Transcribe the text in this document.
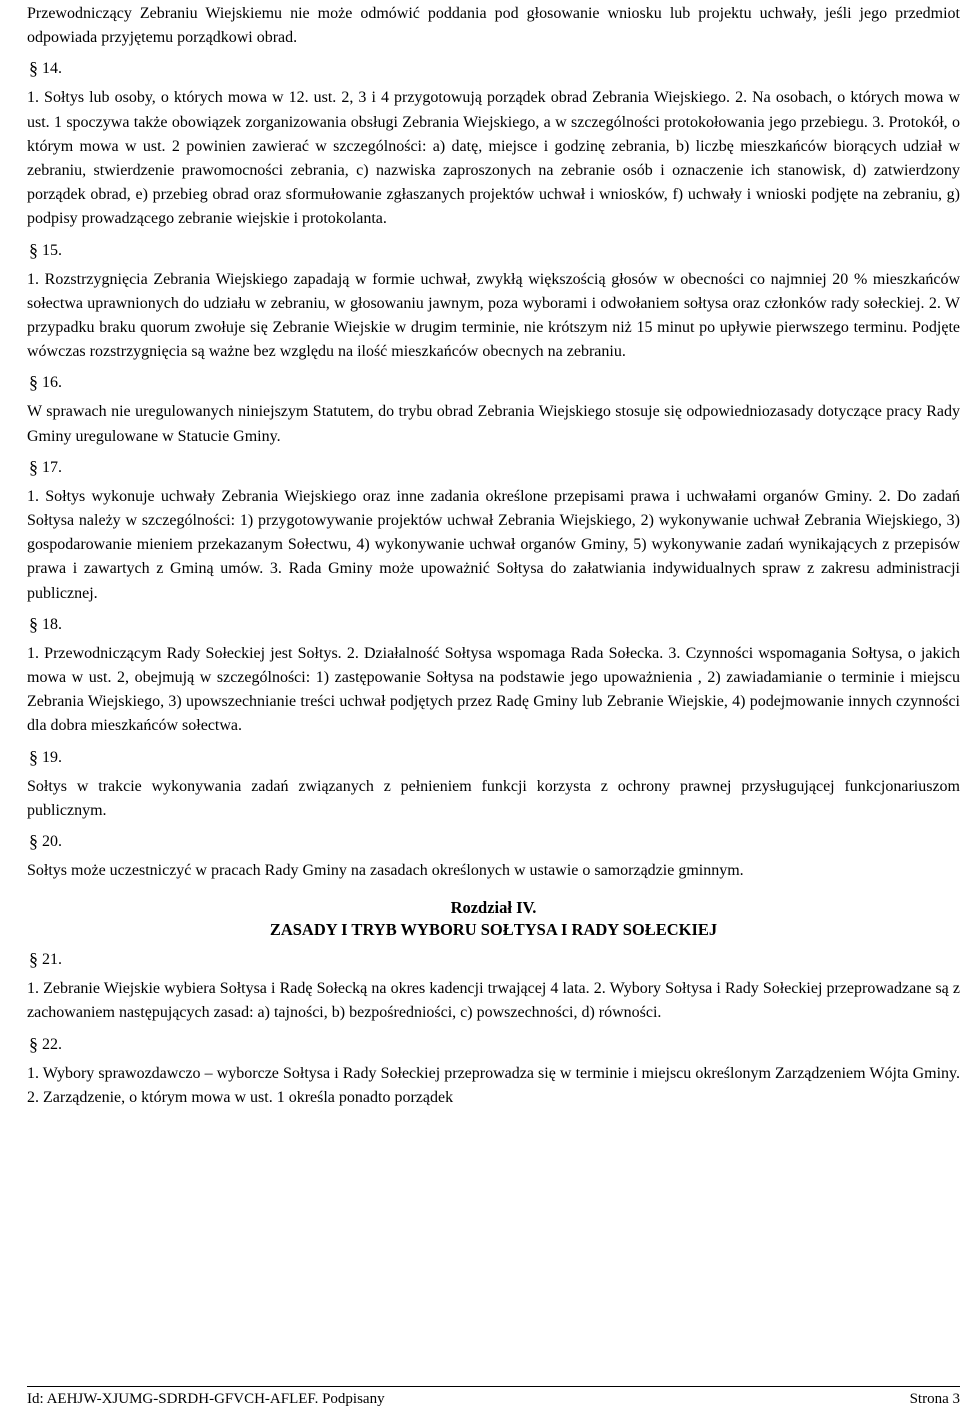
Przewodniczący Zebraniu Wiejskiemu nie może odmówić poddania pod głosowanie wniosku lub projektu uchwały, jeśli jego przedmiot odpowiada przyjętemu porządkowi obrad.

§ 14.

1. Sołtys lub osoby, o których mowa w 12. ust. 2, 3 i 4 przygotowują porządek obrad Zebrania Wiejskiego. 2. Na osobach, o których mowa w ust. 1 spoczywa także obowiązek zorganizowania obsługi Zebrania Wiejskiego, a w szczególności protokołowania jego przebiegu. 3. Protokół, o którym mowa w ust. 2 powinien zawierać w szczególności: a) datę, miejsce i godzinę zebrania, b) liczbę mieszkańców biorących udział w zebraniu, stwierdzenie prawomocności zebrania, c) nazwiska zaproszonych na zebranie osób i oznaczenie ich stanowisk, d) zatwierdzony porządek obrad, e) przebieg obrad oraz sformułowanie zgłaszanych projektów uchwał i wniosków, f) uchwały i wnioski podjęte na zebraniu, g) podpisy prowadzącego zebranie wiejskie i protokolanta.

§ 15.

1. Rozstrzygnięcia Zebrania Wiejskiego zapadają w formie uchwał, zwykłą większością głosów w obecności co najmniej 20 % mieszkańców sołectwa uprawnionych do udziału w zebraniu, w głosowaniu jawnym, poza wyborami i odwołaniem sołtysa oraz członków rady sołeckiej. 2. W przypadku braku quorum zwołuje się Zebranie Wiejskie w drugim terminie, nie krótszym niż 15 minut po upływie pierwszego terminu. Podjęte wówczas rozstrzygnięcia są ważne bez względu na ilość mieszkańców obecnych na zebraniu.

§ 16.

W sprawach nie uregulowanych niniejszym Statutem, do trybu obrad Zebrania Wiejskiego stosuje się odpowiedniozasady dotyczące pracy Rady Gminy uregulowane w Statucie Gminy.

§ 17.

1. Sołtys wykonuje uchwały Zebrania Wiejskiego oraz inne zadania określone przepisami prawa i uchwałami organów Gminy. 2. Do zadań Sołtysa należy w szczególności: 1) przygotowywanie projektów uchwał Zebrania Wiejskiego, 2) wykonywanie uchwał Zebrania Wiejskiego, 3) gospodarowanie mieniem przekazanym Sołectwu, 4) wykonywanie uchwał organów Gminy, 5) wykonywanie zadań wynikających z przepisów prawa i zawartych z Gminą umów. 3. Rada Gminy może upoważnić Sołtysa do załatwiania indywidualnych spraw z zakresu administracji publicznej.

§ 18.

1. Przewodniczącym Rady Sołeckiej jest Sołtys. 2. Działalność Sołtysa wspomaga Rada Sołecka. 3. Czynności wspomagania Sołtysa, o jakich mowa w ust. 2, obejmują w szczególności: 1) zastępowanie Sołtysa na podstawie jego upoważnienia , 2) zawiadamianie o terminie i miejscu Zebrania Wiejskiego, 3) upowszechnianie treści uchwał podjętych przez Radę Gminy lub Zebranie Wiejskie, 4) podejmowanie innych czynności dla dobra mieszkańców sołectwa.

§ 19.

Sołtys w trakcie wykonywania zadań związanych z pełnieniem funkcji korzysta z ochrony prawnej przysługującej funkcjonariuszom publicznym.

§ 20.

Sołtys może uczestniczyć w pracach Rady Gminy na zasadach określonych w ustawie o samorządzie gminnym.

Rozdział IV.
ZASADY I TRYB WYBORU SOŁTYSA I RADY SOŁECKIEJ
§ 21.

1. Zebranie Wiejskie wybiera Sołtysa i Radę Sołecką na okres kadencji trwającej 4 lata. 2. Wybory Sołtysa i Rady Sołeckiej przeprowadzane są z zachowaniem następujących zasad: a) tajności, b) bezpośredniości, c) powszechności, d) równości.

§ 22.

1. Wybory sprawozdawczo – wyborcze Sołtysa i Rady Sołeckiej przeprowadza się w terminie i miejscu określonym Zarządzeniem Wójta Gminy. 2. Zarządzenie, o którym mowa w ust. 1 określa ponadto porządek

Id: AEHJW-XJUMG-SDRDH-GFVCH-AFLEF. Podpisany	Strona 3
